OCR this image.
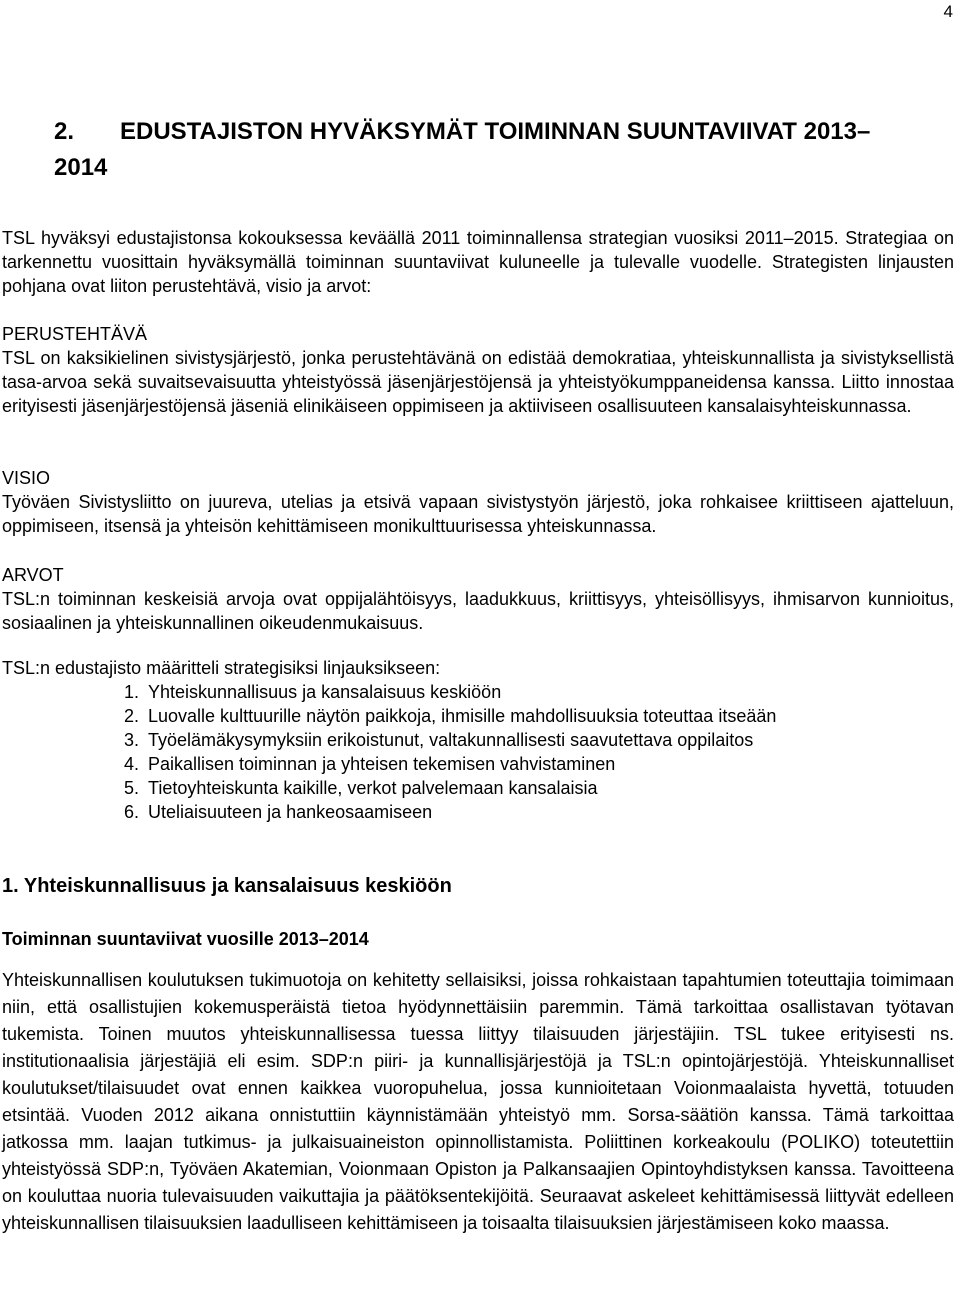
4
2. EDUSTAJISTON HYVÄKSYMÄT TOIMINNAN SUUNTAVIIVAT 2013–
2014
TSL hyväksyi edustajistonsa kokouksessa keväällä 2011 toiminnallensa strategian vuosiksi 2011–2015. Strategiaa on tarkennettu vuosittain hyväksymällä toiminnan suuntaviivat kuluneelle ja tulevalle vuodelle. Strategisten linjausten pohjana ovat liiton perustehtävä, visio ja arvot:
PERUSTEHTÄVÄ
TSL on kaksikielinen sivistysjärjestö, jonka perustehtävänä on edistää demokratiaa, yhteiskunnallista ja sivistyksellistä tasa-arvoa sekä suvaitsevaisuutta yhteistyössä jäsenjärjestöjensä ja yhteistyökumppaneidensa kanssa. Liitto innostaa erityisesti jäsenjärjestöjensä jäseniä elinikäiseen oppimiseen ja aktiiviseen osallisuuteen kansalaisyhteiskunnassa.
VISIO
Työväen Sivistysliitto on juureva, utelias ja etsivä vapaan sivistystyön järjestö, joka rohkaisee kriittiseen ajatteluun, oppimiseen, itsensä ja yhteisön kehittämiseen monikulttuurisessa yhteiskunnassa.
ARVOT
TSL:n toiminnan keskeisiä arvoja ovat oppijalähtöisyys, laadukkuus, kriittisyys, yhteisöllisyys, ihmisarvon kunnioitus, sosiaalinen ja yhteiskunnallinen oikeudenmukaisuus.
TSL:n edustajisto määritteli strategisiksi linjauksikseen:
1. Yhteiskunnallisuus ja kansalaisuus keskiöön
2. Luovalle kulttuurille näytön paikkoja, ihmisille mahdollisuuksia toteuttaa itseään
3. Työelämäkysymyksiin erikoistunut, valtakunnallisesti saavutettava oppilaitos
4. Paikallisen toiminnan ja yhteisen tekemisen vahvistaminen
5. Tietoyhteiskunta kaikille, verkot palvelemaan kansalaisia
6. Uteliaisuuteen ja hankeosaamiseen
1. Yhteiskunnallisuus ja kansalaisuus keskiöön
Toiminnan suuntaviivat vuosille 2013–2014
Yhteiskunnallisen koulutuksen tukimuotoja on kehitetty sellaisiksi, joissa rohkaistaan tapahtumien toteuttajia toimimaan niin, että osallistujien kokemusperäistä tietoa hyödynnettäisiin paremmin. Tämä tarkoittaa osallistavan työtavan tukemista. Toinen muutos yhteiskunnallisessa tuessa liittyy tilaisuuden järjestäjiin. TSL tukee erityisesti ns. institutionaalisia järjestäjiä eli esim. SDP:n piiri- ja kunnallisjärjestöjä ja TSL:n opintojärjestöjä. Yhteiskunnalliset koulutukset/tilaisuudet ovat ennen kaikkea vuoropuhelua, jossa kunnioitetaan Voionmaalaista hyvettä, totuuden etsintää. Vuoden 2012 aikana onnistuttiin käynnistämään yhteistyö mm. Sorsa-säätiön kanssa. Tämä tarkoittaa jatkossa mm. laajan tutkimus- ja julkaisuaineiston opinnollistamista. Poliittinen korkeakoulu (POLIKO) toteutettiin yhteistyössä SDP:n, Työväen Akatemian, Voionmaan Opiston ja Palkansaajien Opintoyhdistyksen kanssa. Tavoitteena on kouluttaa nuoria tulevaisuuden vaikuttajia ja päätöksentekijöitä. Seuraavat askeleet kehittämisessä liittyvät edelleen yhteiskunnallisen tilaisuuksien laadulliseen kehittämiseen ja toisaalta tilaisuuksien järjestämiseen koko maassa.
